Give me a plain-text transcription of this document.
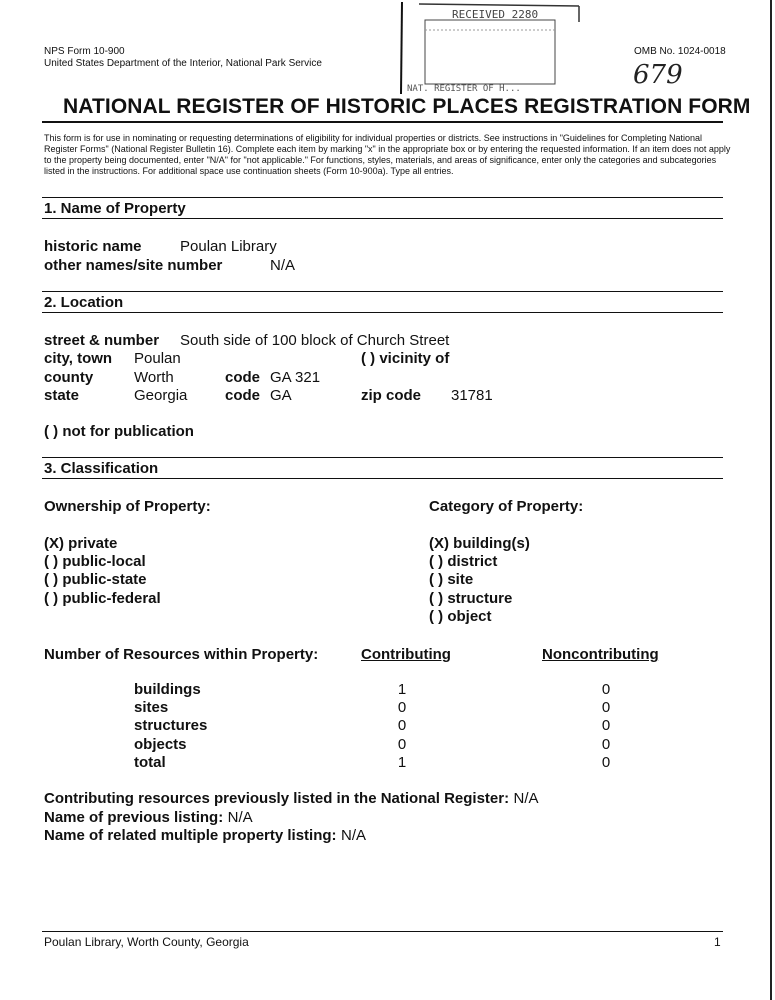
NPS Form 10-900
United States Department of the Interior, National Park Service
OMB No. 1024-0018
679
RECEIVED 2280
NAT. REGISTER OF H...
NATIONAL REGISTER OF HISTORIC PLACES REGISTRATION FORM
This form is for use in nominating or requesting determinations of eligibility for individual properties or districts. See instructions in "Guidelines for Completing National Register Forms" (National Register Bulletin 16). Complete each item by marking "x" in the appropriate box or by entering the requested information. If an item does not apply to the property being documented, enter "N/A" for "not applicable." For functions, styles, materials, and areas of significance, enter only the categories and subcategories listed in the instructions. For additional space use continuation sheets (Form 10-900a). Type all entries.
1. Name of Property
historic name	Poulan Library
other names/site number	N/A
2. Location
street & number South side of 100 block of Church Street
city, town Poulan	( ) vicinity of
county	Worth	code GA 321
state	Georgia	code GA	zip code 31781
( ) not for publication
3. Classification
Ownership of Property:	Category of Property:
(X) private
( ) public-local
( ) public-state
( ) public-federal
(X) building(s)
( ) district
( ) site
( ) structure
( ) object
Number of Resources within Property:	Contributing	Noncontributing
buildings	1	0
sites	0	0
structures	0	0
objects	0	0
total	1	0
Contributing resources previously listed in the National Register: N/A
Name of previous listing: N/A
Name of related multiple property listing: N/A
Poulan Library, Worth County, Georgia	1
